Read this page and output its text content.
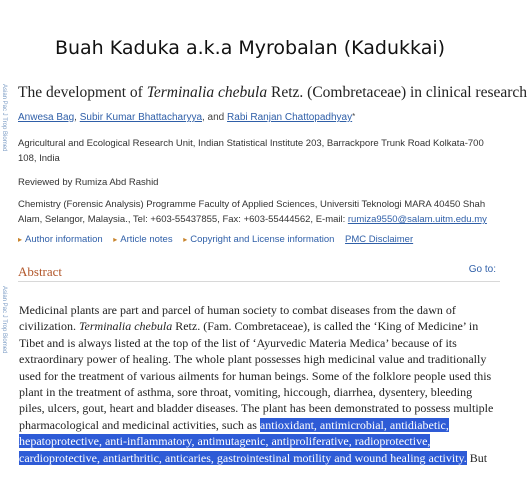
Buah Kaduka a.k.a Myrobalan (Kadukkai)
Asian Pac J Trop Biomed
Asian Pac J Trop Biomed
The development of Terminalia chebula Retz. (Combretaceae) in clinical research
Anwesa Bag, Subir Kumar Bhattacharyya, and Rabi Ranjan Chattopadhyay*
Agricultural and Ecological Research Unit, Indian Statistical Institute 203, Barrackpore Trunk Road Kolkata-700 108, India
Reviewed by Rumiza Abd Rashid
Chemistry (Forensic Analysis) Programme Faculty of Applied Sciences, Universiti Teknologi MARA 40450 Shah Alam, Selangor, Malaysia., Tel: +603-55437855, Fax: +603-55444562, E-mail: rumiza9550@salam.uitm.edu.my
▸ Author information ▸ Article notes ▸ Copyright and License information PMC Disclaimer
Abstract	Go to:
Medicinal plants are part and parcel of human society to combat diseases from the dawn of civilization. Terminalia chebula Retz. (Fam. Combretaceae), is called the ‘King of Medicine’ in Tibet and is always listed at the top of the list of ‘Ayurvedic Materia Medica’ because of its extraordinary power of healing. The whole plant possesses high medicinal value and traditionally used for the treatment of various ailments for human beings. Some of the folklore people used this plant in the treatment of asthma, sore throat, vomiting, hiccough, diarrhea, dysentery, bleeding piles, ulcers, gout, heart and bladder diseases. The plant has been demonstrated to possess multiple pharmacological and medicinal activities, such as antioxidant, antimicrobial, antidiabetic, hepatoprotective, anti-inflammatory, antimutagenic, antiproliferative, radioprotective, cardioprotective, antiarthritic, anticaries, gastrointestinal motility and wound healing activity. But
